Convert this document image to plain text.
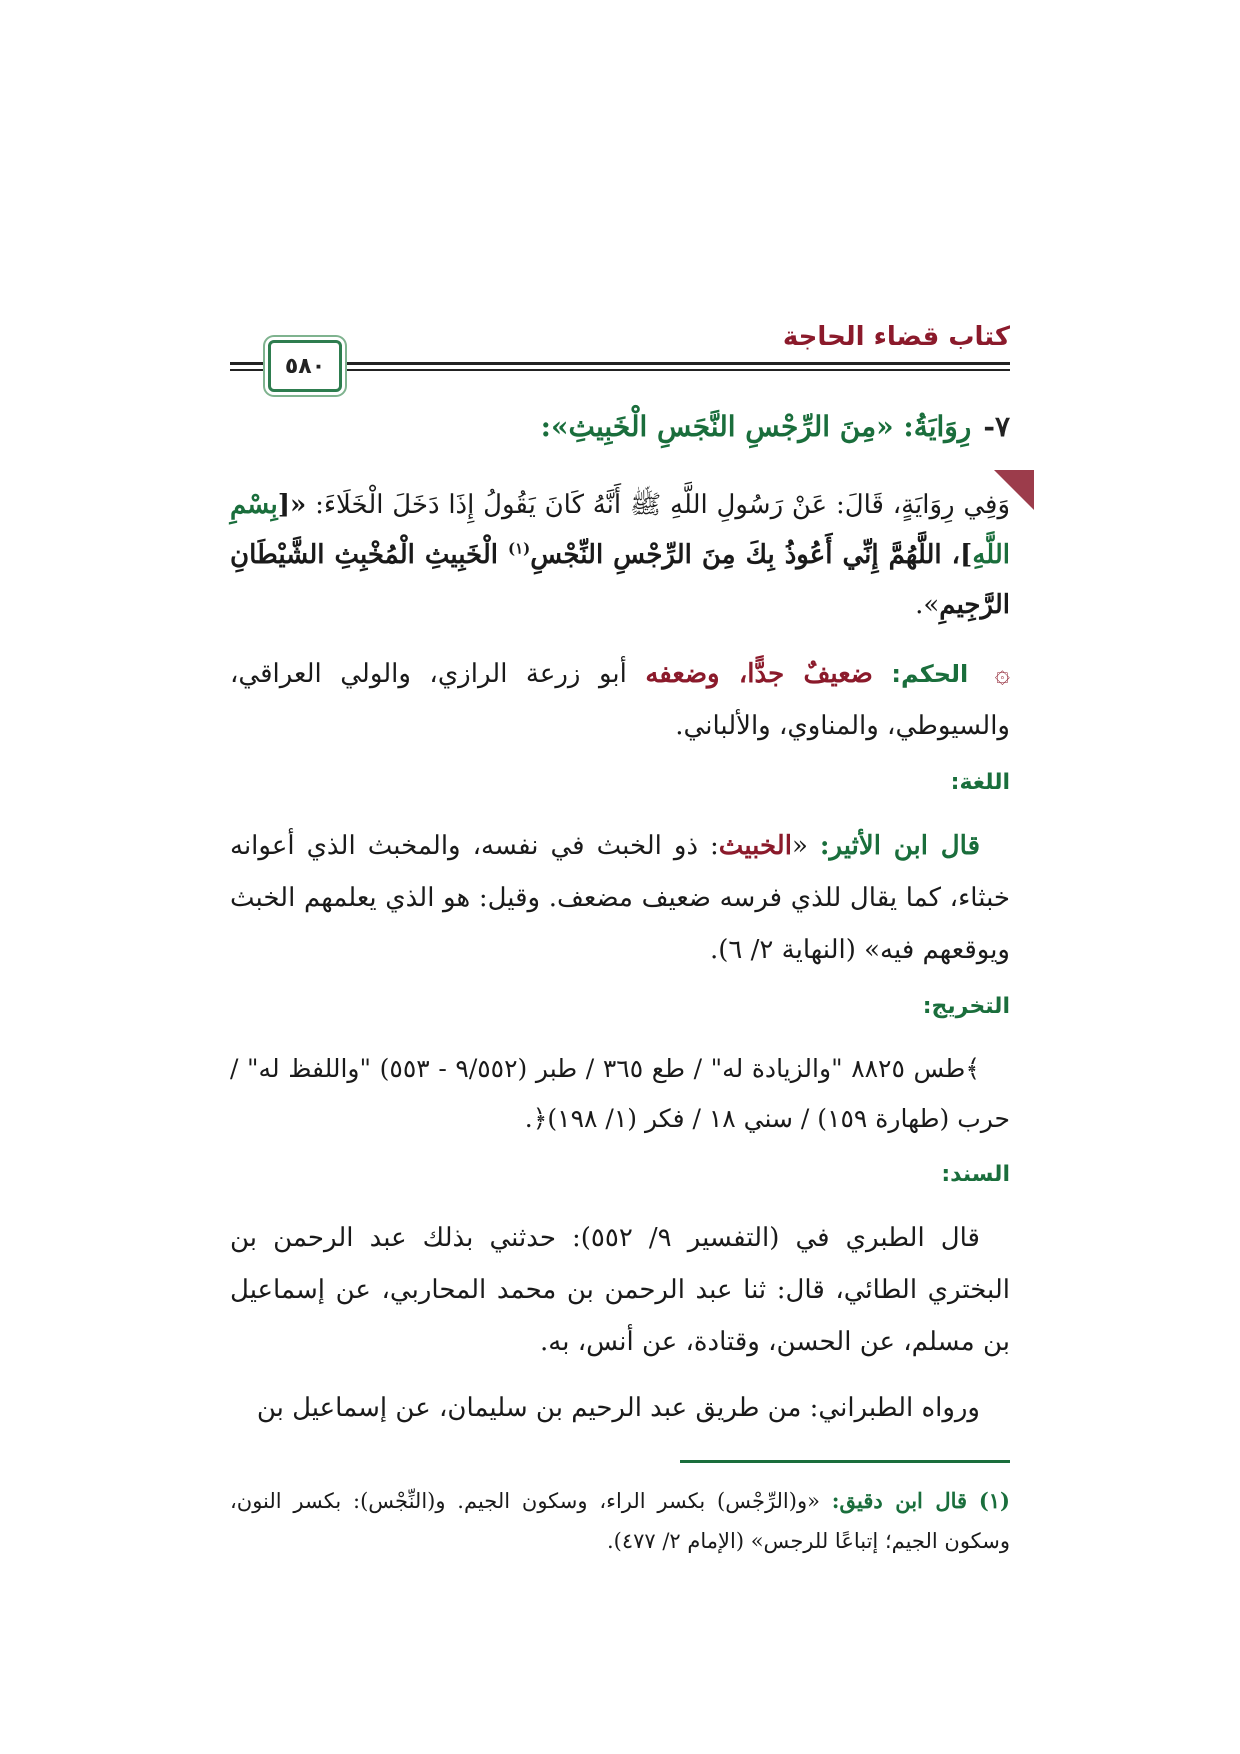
كتاب قضاء الحاجة
٥٨٠
٧-رِوَايَةُ: «مِنَ الرِّجْسِ النَّجَسِ الْخَبِيثِ»:
وَفِي رِوَايَةٍ، قَالَ: عَنْ رَسُولِ اللَّهِ ﷺ أَنَّهُ كَانَ يَقُولُ إِذَا دَخَلَ الْخَلَاءَ: «[بِسْمِ اللَّهِ]، اللَّهُمَّ إِنِّي أَعُوذُ بِكَ مِنَ الرِّجْسِ النِّجْسِ$^{(١)}$ الْخَبِيثِ الْمُخْبِثِ الشَّيْطَانِ الرَّجِيمِ».
۞ الحكم: ضعيفٌ جدًّا، وضعفه أبو زرعة الرازي، والولي العراقي، والسيوطي، والمناوي، والألباني.
اللغة:
قال ابن الأثير: «الخبيث: ذو الخبث في نفسه، والمخبث الذي أعوانه خبثاء، كما يقال للذي فرسه ضعيف مضعف. وقيل: هو الذي يعلمهم الخبث ويوقعهم فيه» (النهاية ٢/ ٦).
التخريج:
﴾طس ٨٨٢٥ "والزيادة له" / طع ٣٦٥ / طبر (٩/٥٥٢ - ٥٥٣) "واللفظ له" / حرب (طهارة ١٥٩) / سني ١٨ / فكر (١/ ١٩٨)﴿.
السند:
قال الطبري في (التفسير ٩/ ٥٥٢): حدثني بذلك عبد الرحمن بن البختري الطائي، قال: ثنا عبد الرحمن بن محمد المحاربي، عن إسماعيل بن مسلم، عن الحسن، وقتادة، عن أنس، به.
ورواه الطبراني: من طريق عبد الرحيم بن سليمان، عن إسماعيل بن
(١) قال ابن دقيق: «و(الرِّجْس) بكسر الراء، وسكون الجيم. و(النِّجْس): بكسر النون، وسكون الجيم؛ إتباعًا للرجس» (الإمام ٢/ ٤٧٧).
